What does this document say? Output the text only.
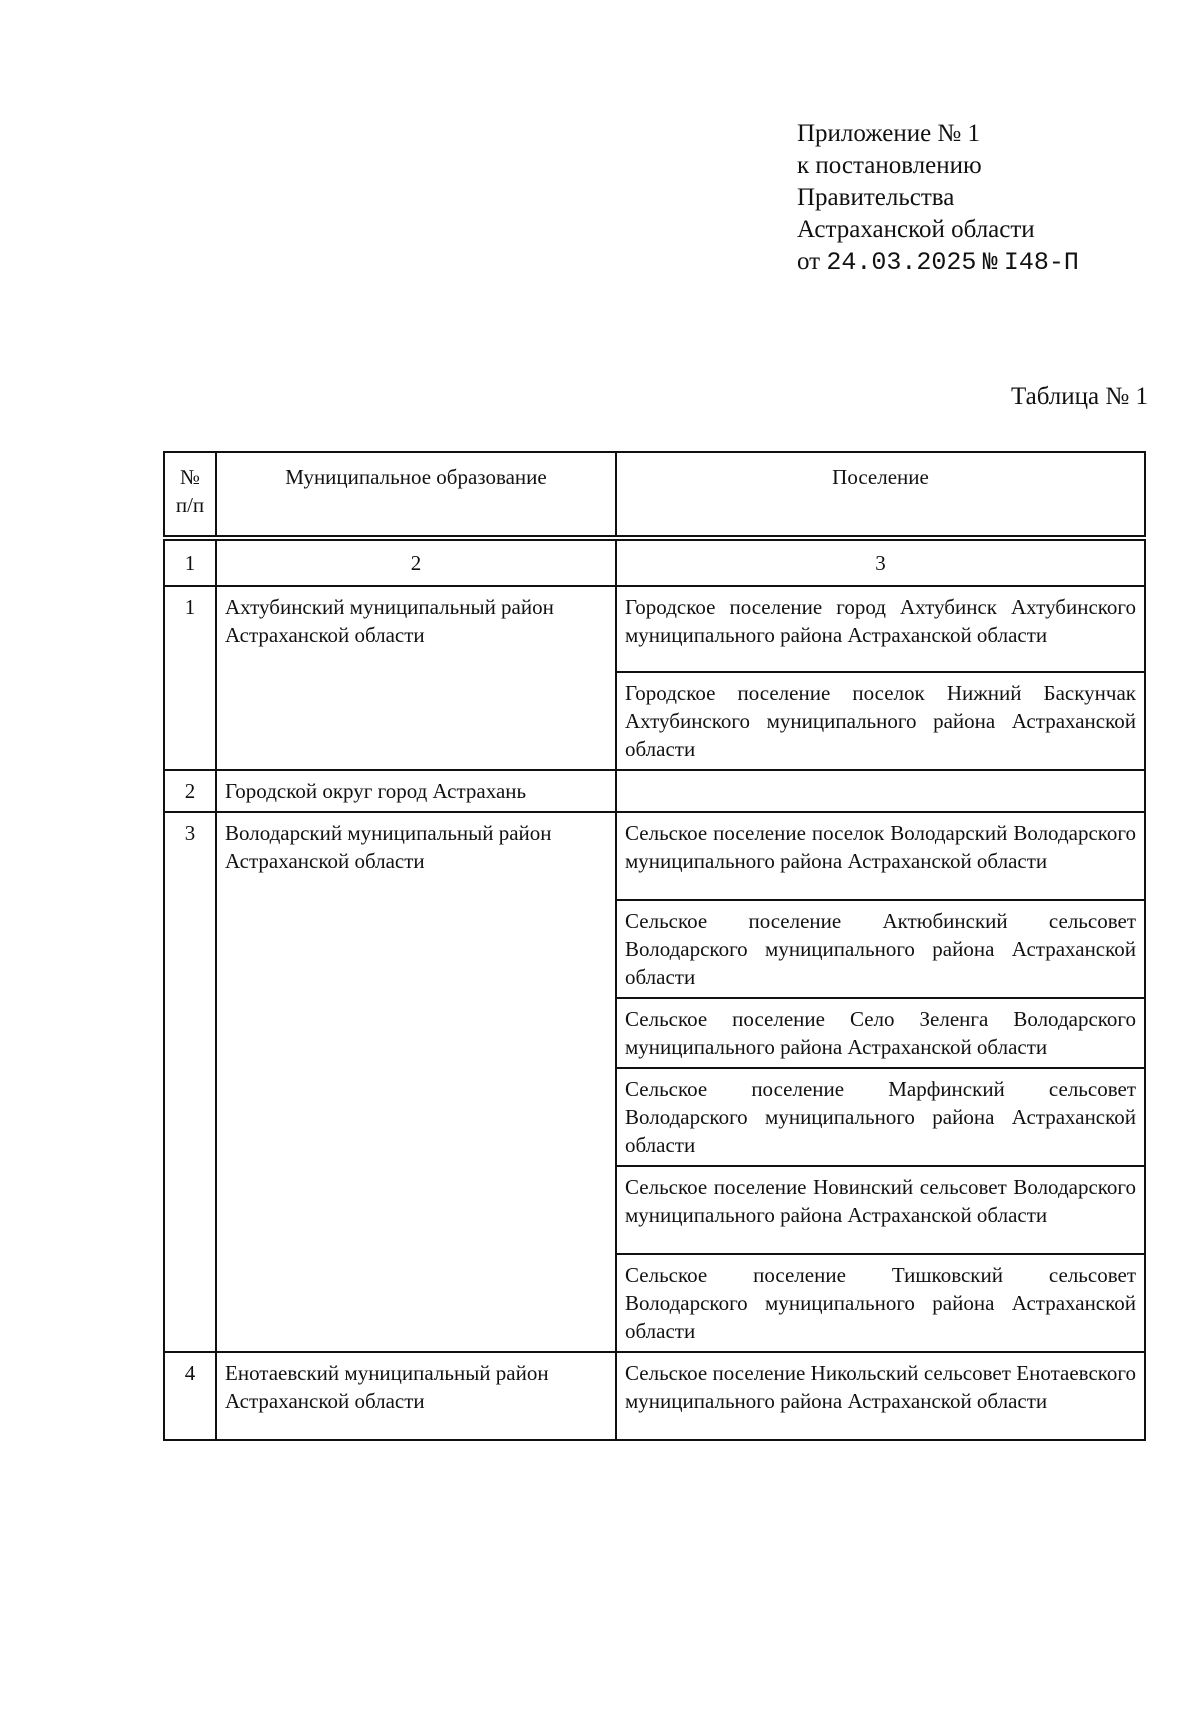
Приложение № 1
к постановлению
Правительства
Астраханской области
от 24.03.2025 № I48-П
Таблица № 1
№
п/п	Муниципальное образование	Поселение

1	2	3
1	Ахтубинский муниципальный район Астраханской области	Городское поселение город Ахтубинск Ахтубинского муниципального района Астраханской области
		Городское поселение поселок Нижний Баскунчак Ахтубинского муниципального района Астраханской области
2	Городской округ город Астрахань	
3	Володарский муниципальный район Астраханской области	Сельское поселение поселок Володарский Володарского муниципального района Астраханской области
		Сельское поселение Актюбинский сельсовет Володарского муниципального района Астраханской области
		Сельское поселение Село Зеленга Володарского муниципального района Астраханской области
		Сельское поселение Марфинский сельсовет Володарского муниципального района Астраханской области
		Сельское поселение Новинский сельсовет Володарского муниципального района Астраханской области
		Сельское поселение Тишковский сельсовет Володарского муниципального района Астраханской области
4	Енотаевский муниципальный район Астраханской области	Сельское поселение Никольский сельсовет Енотаевского муниципального района Астраханской области
